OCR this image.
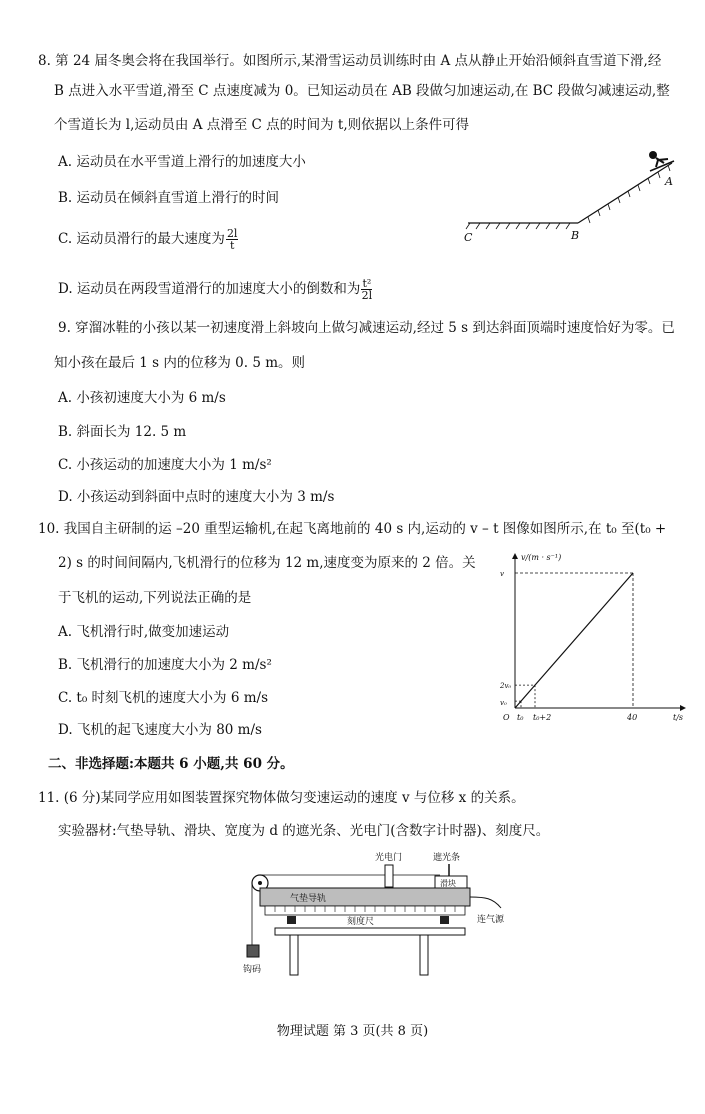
8. 第 24 届冬奥会将在我国举行。如图所示,某滑雪运动员训练时由 A 点从静止开始沿倾斜直雪道下滑,经
B 点进入水平雪道,滑至 C 点速度减为 0。已知运动员在 AB 段做匀加速运动,在 BC 段做匀减速运动,整
个雪道长为 l,运动员由 A 点滑至 C 点的时间为 t,则依据以上条件可得
A. 运动员在水平雪道上滑行的加速度大小
B. 运动员在倾斜直雪道上滑行的时间
C. 运动员滑行的最大速度为 $\frac{2l}{t}$
D. 运动员在两段雪道滑行的加速度大小的倒数和为 $\frac{\text{t²}}{2l}$
A
B
C
9. 穿溜冰鞋的小孩以某一初速度滑上斜坡向上做匀减速运动,经过 5 s 到达斜面顶端时速度恰好为零。已
知小孩在最后 1 s 内的位移为 0. 5 m。则
A. 小孩初速度大小为 6 m/s
B. 斜面长为 12. 5 m
C. 小孩运动的加速度大小为 1 m/s²
D. 小孩运动到斜面中点时的速度大小为 3 m/s
10. 我国自主研制的运 –20 重型运输机,在起飞离地前的 40 s 内,运动的 v – t 图像如图所示,在 t₀ 至(t₀ +
2) s 的时间间隔内,飞机滑行的位移为 12 m,速度变为原来的 2 倍。关
于飞机的运动,下列说法正确的是
A. 飞机滑行时,做变加速运动
B. 飞机滑行的加速度大小为 2 m/s²
C. t₀ 时刻飞机的速度大小为 6 m/s
D. 飞机的起飞速度大小为 80 m/s
v/(m · s⁻¹)
t/s
O t₀ t₀+2	40
v
2v₀
v₀
二、非选择题:本题共 6 小题,共 60 分。
11. (6 分)某同学应用如图装置探究物体做匀变速运动的速度 v 与位移 x 的关系。
实验器材:气垫导轨、滑块、宽度为 d 的遮光条、光电门(含数字计时器)、刻度尺。
钩码
气垫导轨
滑块
遮光条
光电门
刻度尺	连气源
物理试题 第 3 页(共 8 页)
